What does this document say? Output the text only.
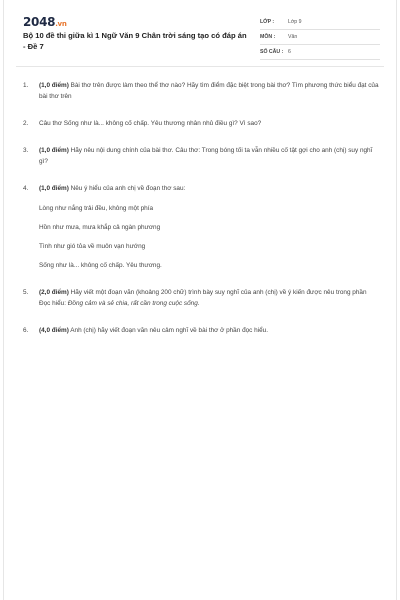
2048.vn
Bộ 10 đề thi giữa kì 1 Ngữ Văn 9 Chân trời sáng tạo có đáp án - Đề 7
LỚP :	Lớp 9
MÔN :	Văn
SỐ CÂU : 6
1. (1,0 điểm) Bài thơ trên được làm theo thể thơ nào? Hãy tìm điểm đặc biệt trong bài thơ? Tìm phương thức biểu đạt của bài thơ trên
2. Câu thơ Sống như là... không cố chấp. Yêu thương nhân nhủ điều gì? Vì sao?
3. (1,0 điểm) Hãy nêu nội dung chính của bài thơ. Câu thơ: Trong bóng tối ta vẫn nhiều cố tật gợi cho anh (chị) suy nghĩ gì?
4. (1,0 điểm) Nêu ý hiểu của anh chị về đoạn thơ sau:
Lòng như nắng trải đều, không một phía
Hồn như mưa, mưa khắp cả ngàn phương
Tình như gió tỏa về muôn vạn hướng
Sống như là... không cố chấp. Yêu thương.
5. (2,0 điểm) Hãy viết một đoạn văn (khoảng 200 chữ) trình bày suy nghĩ của anh (chị) về ý kiến được nêu trong phần Đọc hiểu: Đồng cảm và sẻ chia, rất cần trong cuộc sống.
6. (4,0 điểm) Anh (chị) hãy viết đoạn văn nêu cảm nghĩ về bài thơ ở phần đọc hiểu.
